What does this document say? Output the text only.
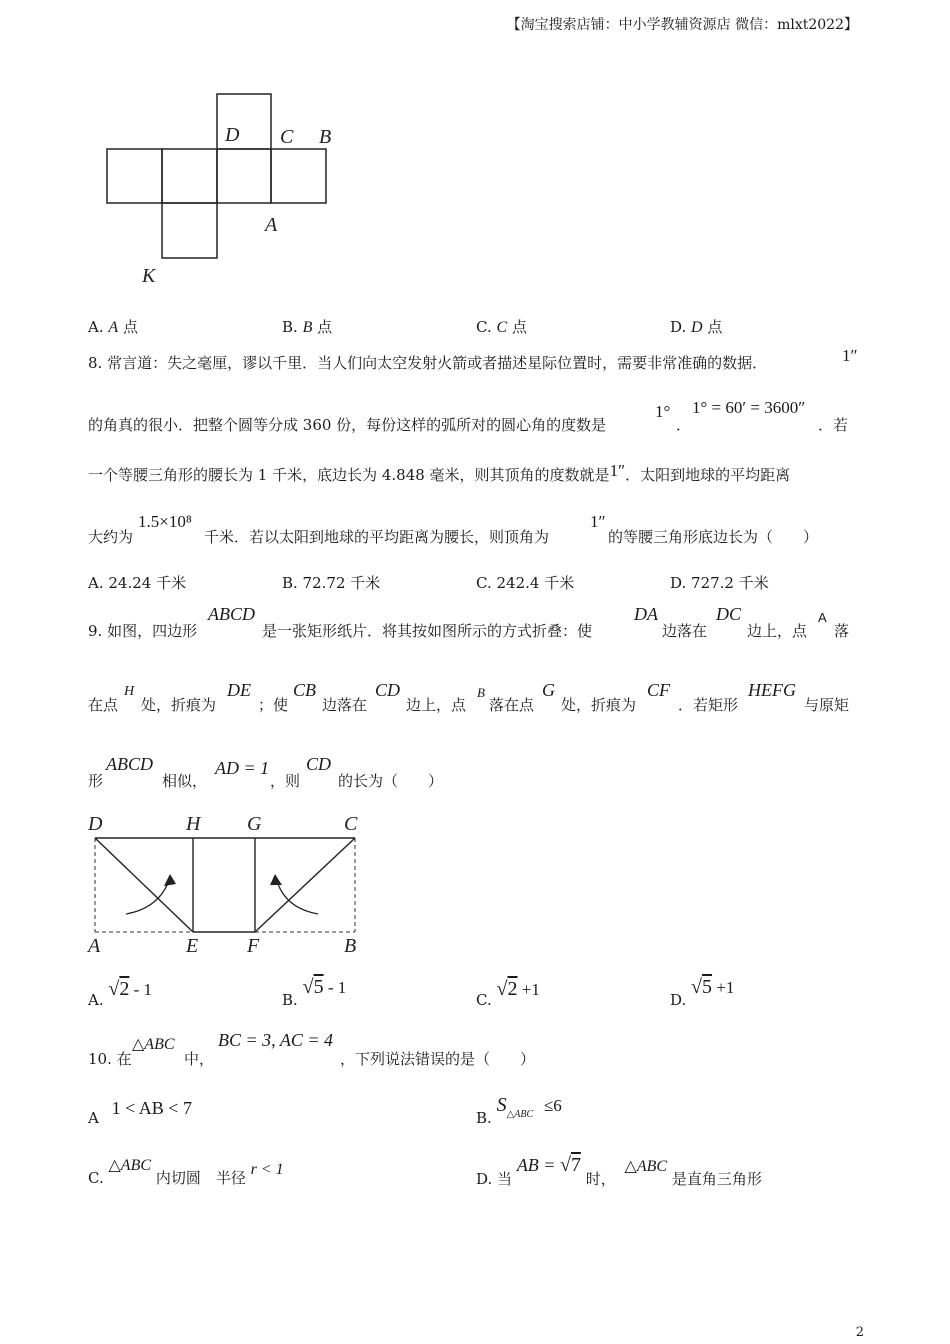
【淘宝搜索店铺：中小学教辅资源店 微信：mlxt2022】
D C B
A
K
A. A 点	B. B 点	C. C 点	D. D 点
8. 常言道：失之毫厘，谬以千里．当人们向太空发射火箭或者描述星际位置时，需要非常准确的数据．	1″
的角真的很小．把整个圆等分成 360 份，每份这样的弧所对的圆心角的度数是
1°
．
1° = 60′ = 3600″
．若
一个等腰三角形的腰长为 1 千米，底边长为 4.848 毫米，则其顶角的度数就是1″．太阳到地球的平均距离
大约为
1.5×10⁸
千米．若以太阳到地球的平均距离为腰长，则顶角为
1″
的等腰三角形底边长为（　　）
A. 24.24 千米	B. 72.72 千米	C. 242.4 千米	D. 727.2 千米
9. 如图，四边形
ABCD
是一张矩形纸片．将其按如图所示的方式折叠：使
DA
边落在
DC
边上，点
A
落
在点
H
处，折痕为
DE
；使
CB
边落在
CD
边上，点
B
落在点
G
处，折痕为
CF
．若矩形
HEFG
与原矩
形
ABCD
相似，
AD = 1
，则
CD
的长为（　　）
D	H G	C
A	E F	B
A. √2 - 1
B. √5 - 1
C. √2 +1
D. √5 +1
10. 在
△ABC
中，
BC = 3, AC = 4
，下列说法错误的是（　　）
A 1 < AB < 7	B. $S_{\triangle ABC} \le 6$
C. △ABC 内切圆　半径 r < 1
D. 当 AB = √7 时， △ABC 是直角三角形
2
